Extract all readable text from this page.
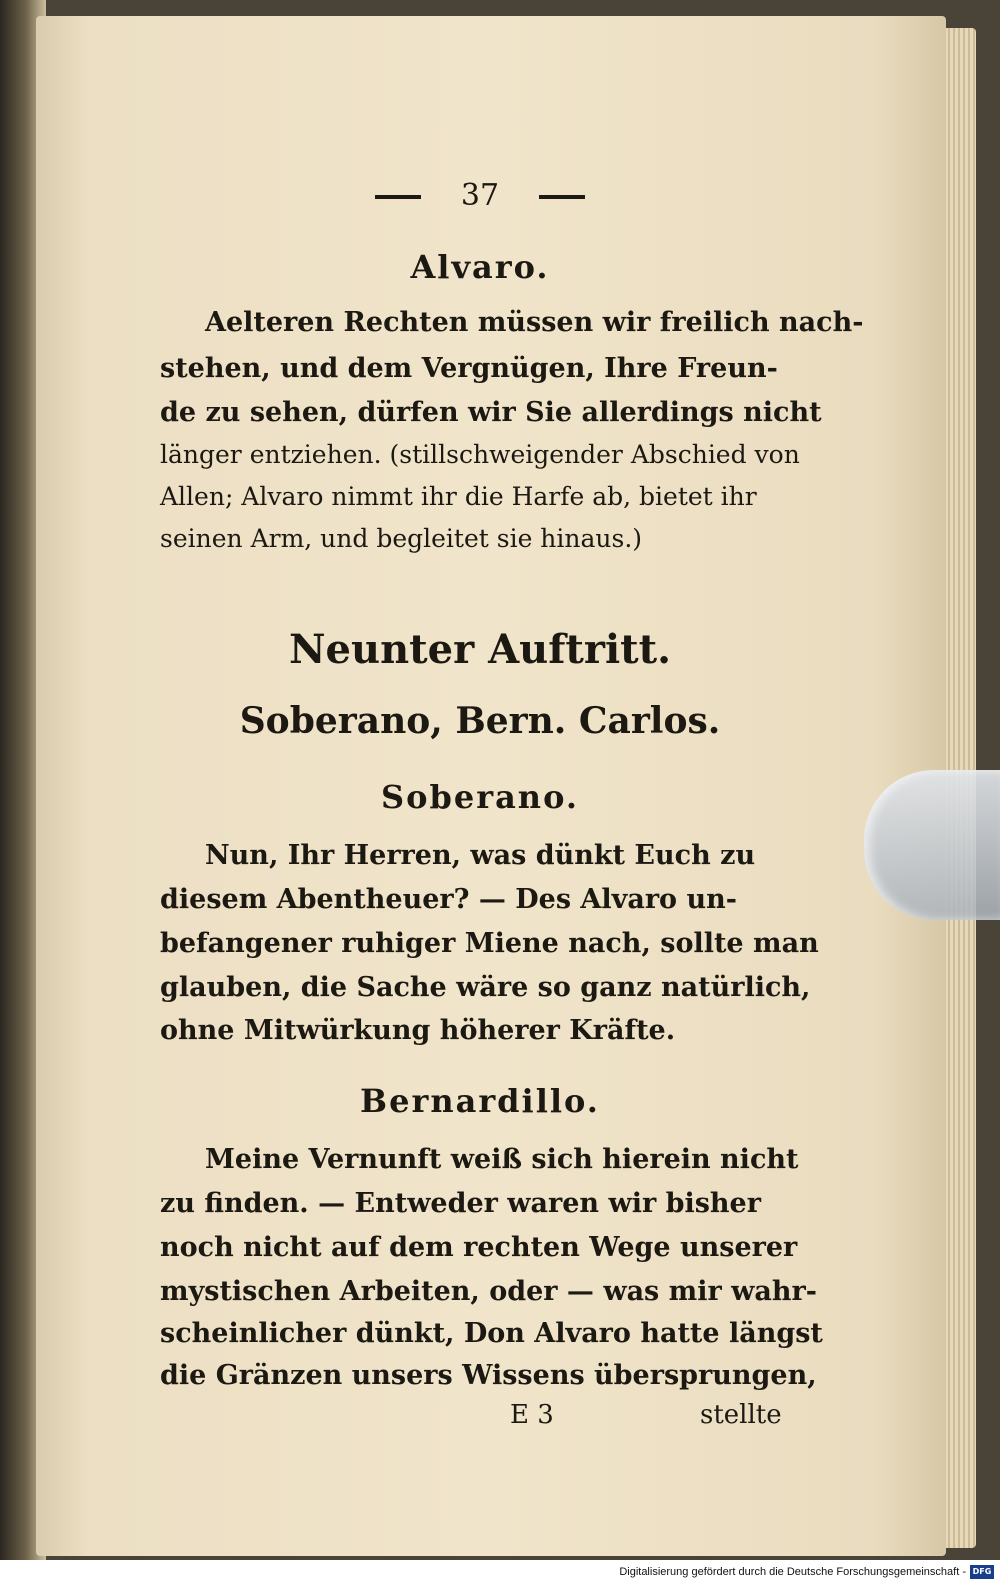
37
Alvaro.
Aelteren Rechten müssen wir freilich nach-
stehen, und dem Vergnügen, Ihre Freun-
de zu sehen, dürfen wir Sie allerdings nicht
länger entziehen. (stillschweigender Abschied von
Allen; Alvaro nimmt ihr die Harfe ab, bietet ihr
seinen Arm, und begleitet sie hinaus.)
Neunter Auftritt.
Soberano, Bern. Carlos.
Soberano.
Nun, Ihr Herren, was dünkt Euch zu
diesem Abentheuer? — Des Alvaro un-
befangener ruhiger Miene nach, sollte man
glauben, die Sache wäre so ganz natürlich,
ohne Mitwürkung höherer Kräfte.
Bernardillo.
Meine Vernunft weiß sich hierein nicht
zu finden. — Entweder waren wir bisher
noch nicht auf dem rechten Wege unserer
mystischen Arbeiten, oder — was mir wahr-
scheinlicher dünkt, Don Alvaro hatte längst
die Gränzen unsers Wissens übersprungen,
E 3	stellte
Digitalisierung gefördert durch die Deutsche Forschungsgemeinschaft - DFG
